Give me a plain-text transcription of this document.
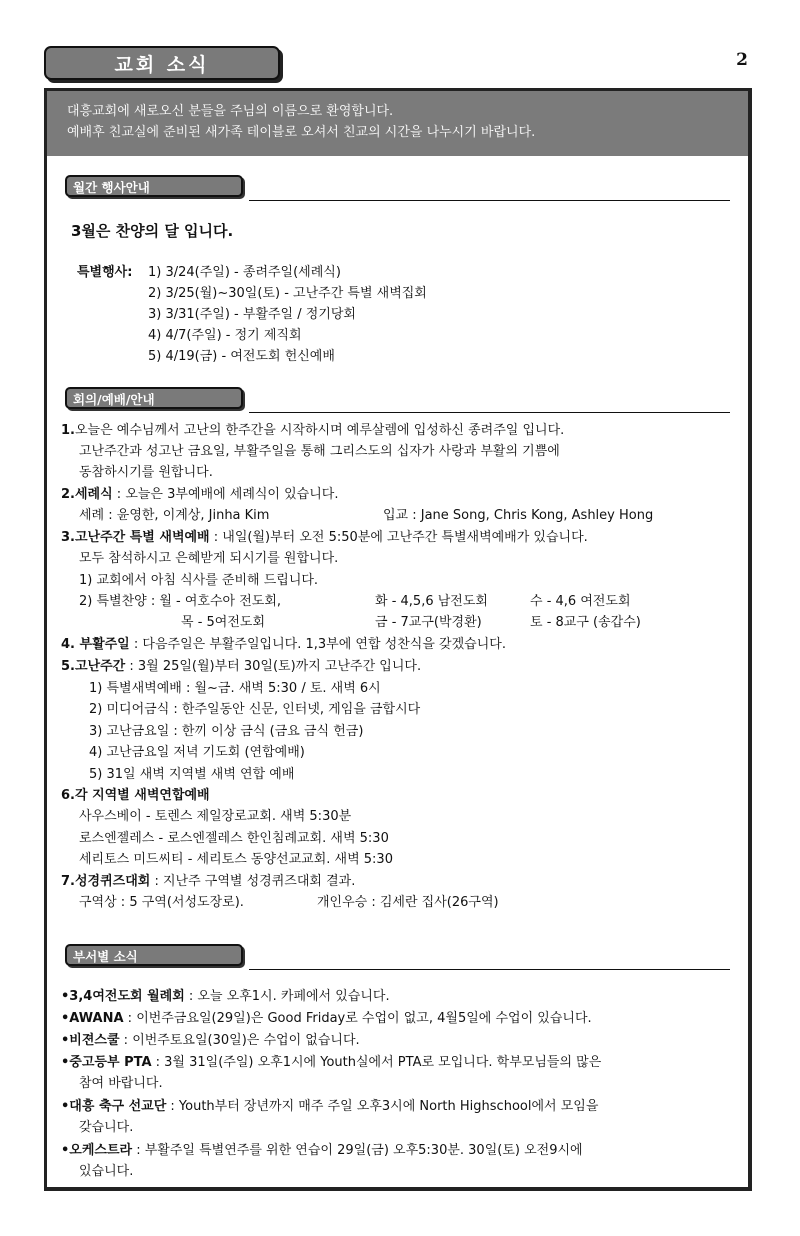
교회 소식	2
대흥교회에 새로오신 분들을 주님의 이름으로 환영합니다.
예배후 친교실에 준비된 새가족 테이블로 오셔서 친교의 시간을 나누시기 바랍니다.
월간 행사안내
3월은 찬양의 달 입니다.
특별행사: 1) 3/24(주일) - 종려주일(세례식)
2) 3/25(월)~30일(토) - 고난주간 특별 새벽집회
3) 3/31(주일) - 부활주일 / 정기당회
4) 4/7(주일) - 정기 제직회
5) 4/19(금) - 여전도회 헌신예배
회의/예배/안내
1.오늘은 예수님께서 고난의 한주간을 시작하시며 예루살렘에 입성하신 종려주일 입니다.
고난주간과 성고난 금요일, 부활주일을 통해 그리스도의 십자가 사랑과 부활의 기쁨에
동참하시기를 원합니다.
2.세례식 : 오늘은 3부예배에 세례식이 있습니다.
세례 : 윤영한, 이계상, Jinha Kim	입교 : Jane Song, Chris Kong, Ashley Hong
3.고난주간 특별 새벽예배 : 내일(월)부터 오전 5:50분에 고난주간 특별새벽예배가 있습니다.
모두 참석하시고 은혜받게 되시기를 원합니다.
1) 교회에서 아침 식사를 준비해 드립니다.
2) 특별찬양 : 월 - 여호수아 전도회,	화 - 4,5,6 남전도회	수 - 4,6 여전도회
목 - 5여전도회	금 - 7교구(박경환)	토 - 8교구 (송갑수)
4. 부활주일 : 다음주일은 부활주일입니다. 1,3부에 연합 성찬식을 갖겠습니다.
5.고난주간 : 3월 25일(월)부터 30일(토)까지 고난주간 입니다.
1) 특별새벽예배 : 월~금. 새벽 5:30 / 토. 새벽 6시
2) 미디어금식 : 한주일동안 신문, 인터넷, 게임을 금합시다
3) 고난금요일 : 한끼 이상 금식 (금요 금식 헌금)
4) 고난금요일 저녁 기도회 (연합예배)
5) 31일 새벽 지역별 새벽 연합 예배
6.각 지역별 새벽연합예배
사우스베이 - 토렌스 제일장로교회. 새벽 5:30분
로스엔젤레스 - 로스엔젤레스 한인침례교회. 새벽 5:30
세리토스 미드씨티 - 세리토스 동양선교교회. 새벽 5:30
7.성경퀴즈대회 : 지난주 구역별 성경퀴즈대회 결과.
구역상 : 5 구역(서성도장로).	개인우승 : 김세란 집사(26구역)
부서별 소식
•3,4여전도회 월례회 : 오늘 오후1시. 카페에서 있습니다.
•AWANA : 이번주금요일(29일)은 Good Friday로 수업이 없고, 4월5일에 수업이 있습니다.
•비젼스쿨 : 이번주토요일(30일)은 수업이 없습니다.
•중고등부 PTA : 3월 31일(주일) 오후1시에 Youth실에서 PTA로 모입니다. 학부모님들의 많은
참여 바랍니다.
•대흥 축구 선교단 : Youth부터 장년까지 매주 주일 오후3시에 North Highschool에서 모임을
갖습니다.
•오케스트라 : 부활주일 특별연주를 위한 연습이 29일(금) 오후5:30분. 30일(토) 오전9시에
있습니다.
